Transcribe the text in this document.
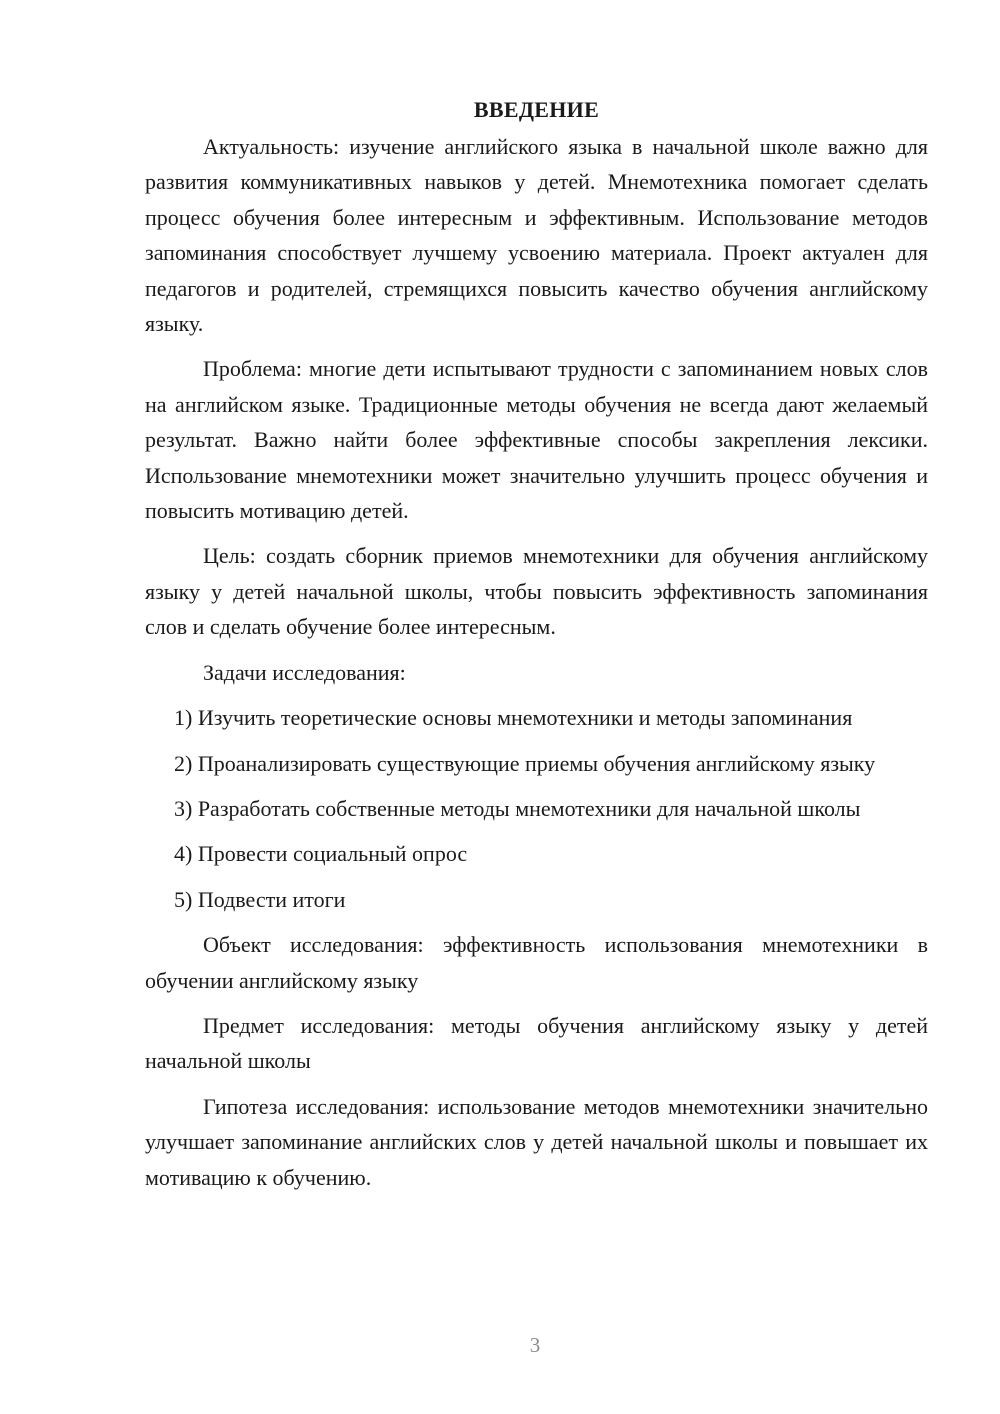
ВВЕДЕНИЕ

Актуальность: изучение английского языка в начальной школе важно для развития коммуникативных навыков у детей. Мнемотехника помогает сделать процесс обучения более интересным и эффективным. Использование методов запоминания способствует лучшему усвоению материала. Проект актуален для педагогов и родителей, стремящихся повысить качество обучения английскому языку.

Проблема: многие дети испытывают трудности с запоминанием новых слов на английском языке. Традиционные методы обучения не всегда дают желаемый результат. Важно найти более эффективные способы закрепления лексики. Использование мнемотехники может значительно улучшить процесс обучения и повысить мотивацию детей.

Цель: создать сборник приемов мнемотехники для обучения английскому языку у детей начальной школы, чтобы повысить эффективность запоминания слов и сделать обучение более интересным.

Задачи исследования:

1) Изучить теоретические основы мнемотехники и методы запоминания

2) Проанализировать существующие приемы обучения английскому языку

3) Разработать собственные методы мнемотехники для начальной школы

4) Провести социальный опрос

5) Подвести итоги

Объект исследования: эффективность использования мнемотехники в обучении английскому языку

Предмет исследования: методы обучения английскому языку у детей начальной школы

Гипотеза исследования: использование методов мнемотехники значительно улучшает запоминание английских слов у детей начальной школы и повышает их мотивацию к обучению.

3
